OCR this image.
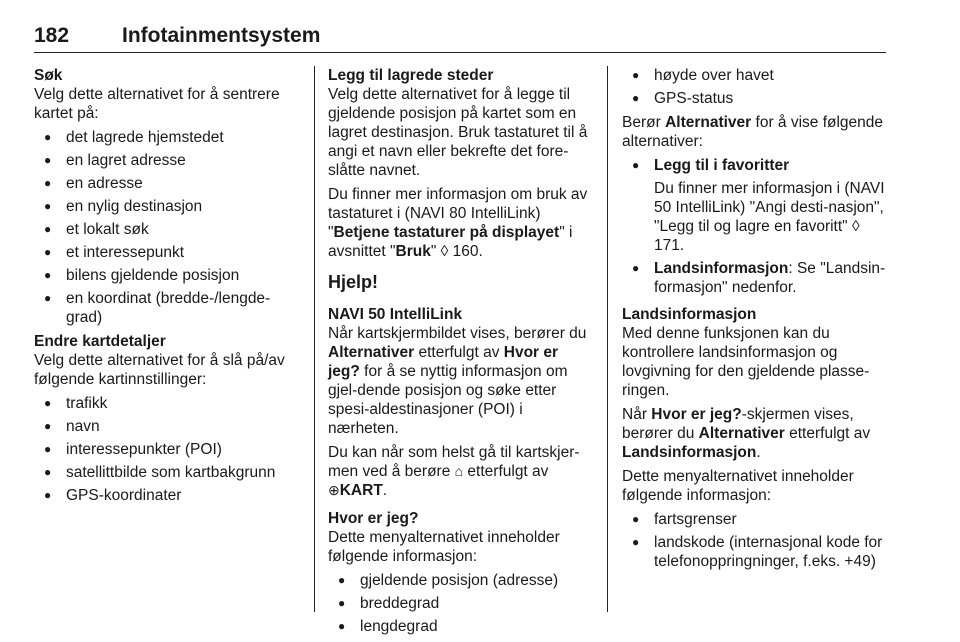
182	Infotainmentsystem
Søk

Velg dette alternativet for å sentrere kartet på:

● det lagrede hjemstedet
● en lagret adresse
● en adresse
● en nylig destinasjon
● et lokalt søk
● et interessepunkt
● bilens gjeldende posisjon
● en koordinat (bredde-/lengde-grad)
Endre kartdetaljer

Velg dette alternativet for å slå på/av følgende kartinnstillinger:

● trafikk
● navn
● interessepunkter (POI)
● satellittbilde som kartbakgrunn
● GPS-koordinater
Legg til lagrede steder

Velg dette alternativet for å legge til gjeldende posisjon på kartet som en lagret destinasjon. Bruk tastaturet til å angi et navn eller bekrefte det fore-slåtte navnet.

Du finner mer informasjon om bruk av tastaturet i (NAVI 80 IntelliLink) "Betjene tastaturer på displayet" i avsnittet "Bruk" ◊ 160.

Hjelp!
NAVI 50 IntelliLink

Når kartskjermbildet vises, berører du Alternativer etterfulgt av Hvor er jeg? for å se nyttig informasjon om gjel-dende posisjon og søke etter spesi-aldestinasjoner (POI) i nærheten.

Du kan når som helst gå til kartskjer-men ved å berøre ⌂ etterfulgt av
⊕KART.

Hvor er jeg?

Dette menyalternativet inneholder følgende informasjon:

● gjeldende posisjon (adresse)
● breddegrad
● lengdegrad
● høyde over havet
● GPS-status

Berør Alternativer for å vise følgende alternativer:

● Legg til i favoritter

Du finner mer informasjon i (NAVI 50 IntelliLink) "Angi desti-nasjon", "Legg til og lagre en favoritt" ◊ 171.

● Landsinformasjon: Se "Landsin-formasjon" nedenfor.
Landsinformasjon

Med denne funksjonen kan du kontrollere landsinformasjon og lovgivning for den gjeldende plasse-ringen.

Når Hvor er jeg?-skjermen vises, berører du Alternativer etterfulgt av Landsinformasjon.

Dette menyalternativet inneholder følgende informasjon:

● fartsgrenser
● landskode (internasjonal kode for telefonoppringninger, f.eks. +49)
